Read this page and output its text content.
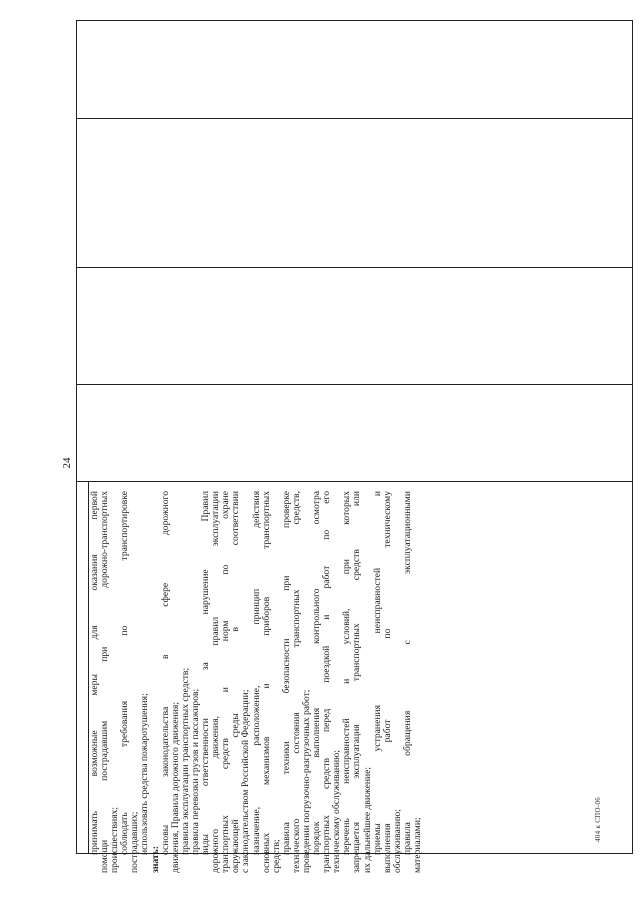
24
принимать возможные меры для оказания первой помощи пострадавшим при дорожно-транспортных происшествиях; соблюдать требования по транспортировке пострадавших; использовать средства пожаротушения;
знать:
основы законодательства в сфере дорожного движения, Правила дорожного движения; правила эксплуатации транспортных средств; правила перевозки грузов и пассажиров; виды ответственности за нарушение Правил дорожного движения, правил эксплуатации транспортных средств и норм по охране окружающей среды в соответствии с законодательством Российской Федерации; назначение, расположение, принцип действия основных механизмов и приборов транспортных средств;
правила техники безопасности при проверке технического состояния транспортных средств, проведении погрузочно-разгрузочных работ; порядок выполнения контрольного осмотра транспортных средств перед поездкой и работ по его техническому обслуживанию; перечень неисправностей и условий, при которых запрещается эксплуатация транспортных средств или их дальнейшее движение; приемы устранения неисправностей и выполнения работ по техническому обслуживанию; правила обращения с эксплуатационными материалами;	404 к СПО-06
